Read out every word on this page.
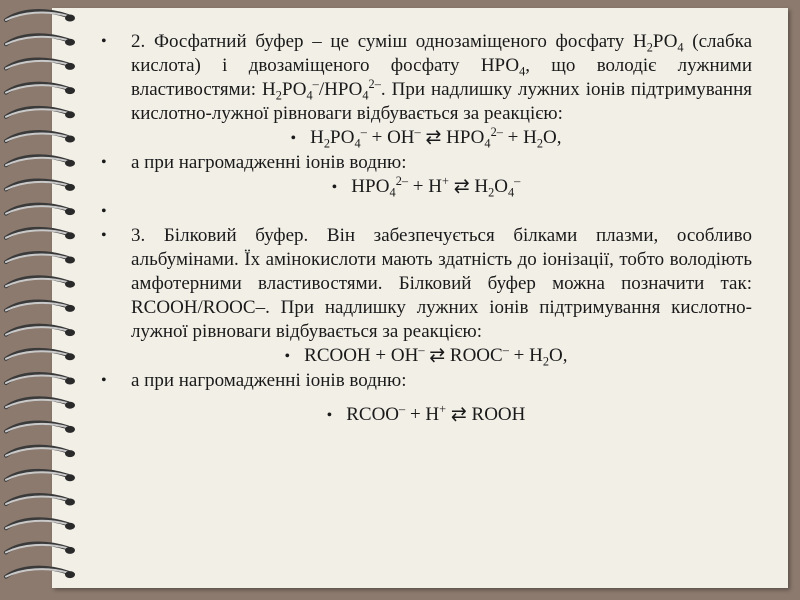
• 2. Фосфатний буфер – це суміш однозаміщеного фосфату $Н_2РО_4$ (слабка кислота) і двозаміщеного фосфату $НРО_4$, що володіє лужними властивостями: $Н_2РО_4^-/НРО_4^{2-}$. При надлишку лужних іонів підтримування кислотно-лужної рівноваги відбувається за реакцією:
• $Н_2РО_4^- + ОН^-$ ⇄ $НРО_4^{2-} + Н_2О$,
• а при нагромадженні іонів водню:
• $НРО_4^{2-} + Н^+$ ⇄ $Н_2О_4^-$
•
• 3. Білковий буфер. Він забезпечується білками плазми, особливо альбумінами. Їх амінокислоти мають здатність до іонізації, тобто володіють амфотерними властивостями. Білковий буфер можна позначити так: RCOOH/ROOC–. При надлишку лужних іонів підтримування кислотно-лужної рівноваги відбувається за реакцією:
• RCOOH + OH– ⇄ ROOC– + $H_2O$,
• а при нагромадженні іонів водню:
• RCOO– + H+ ⇄ ROOH
